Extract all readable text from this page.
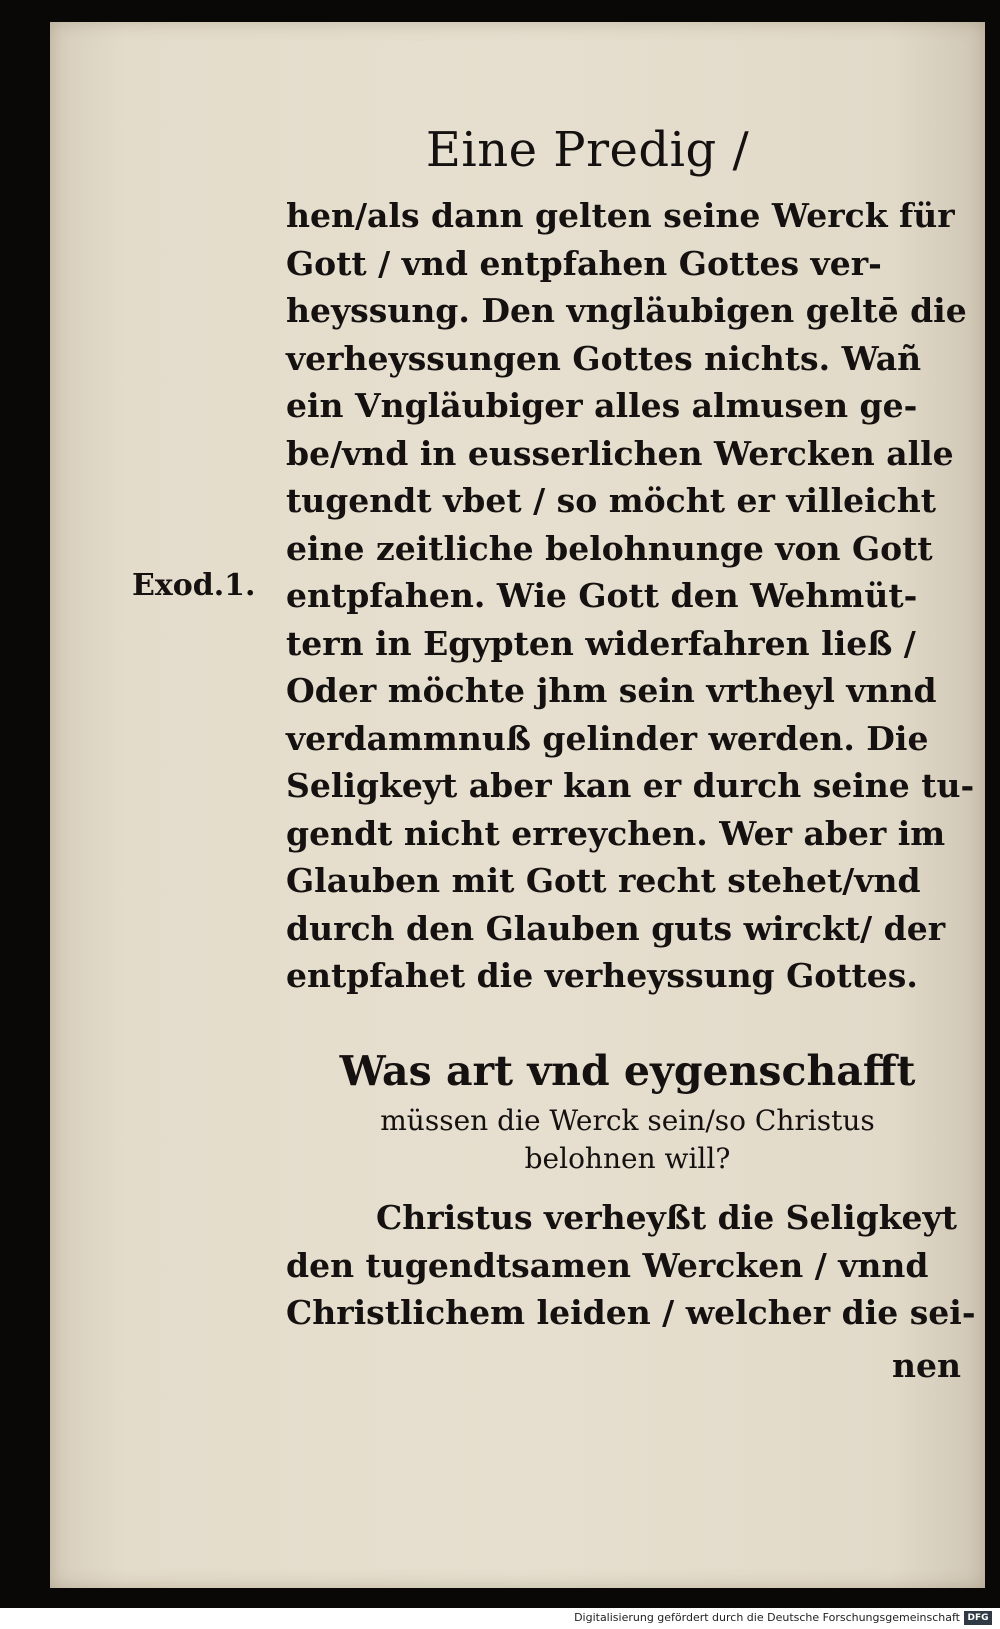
Eine Predig /
Exod.1.
hen/als dann gelten seine Werck für
Gott / vnd entpfahen Gottes ver-
heyssung. Den vngläubigen geltē die
verheyssungen Gottes nichts. Wañ
ein Vngläubiger alles almusen ge-
be/vnd in eusserlichen Wercken alle
tugendt vbet / so möcht er villeicht
eine zeitliche belohnunge von Gott
entpfahen. Wie Gott den Wehmüt-
tern in Egypten widerfahren ließ /
Oder möchte jhm sein vrtheyl vnnd
verdammnuß gelinder werden. Die
Seligkeyt aber kan er durch seine tu-
gendt nicht erreychen. Wer aber im
Glauben mit Gott recht stehet/vnd
durch den Glauben guts wirckt/ der
entpfahet die verheyssung Gottes.
Was art vnd eygenschafft
müssen die Werck sein/so Christus
belohnen will?
Christus verheyßt die Seligkeyt
den tugendtsamen Wercken / vnnd
Christlichem leiden / welcher die sei-
nen
Digitalisierung gefördert durch die Deutsche Forschungsgemeinschaft DFG
